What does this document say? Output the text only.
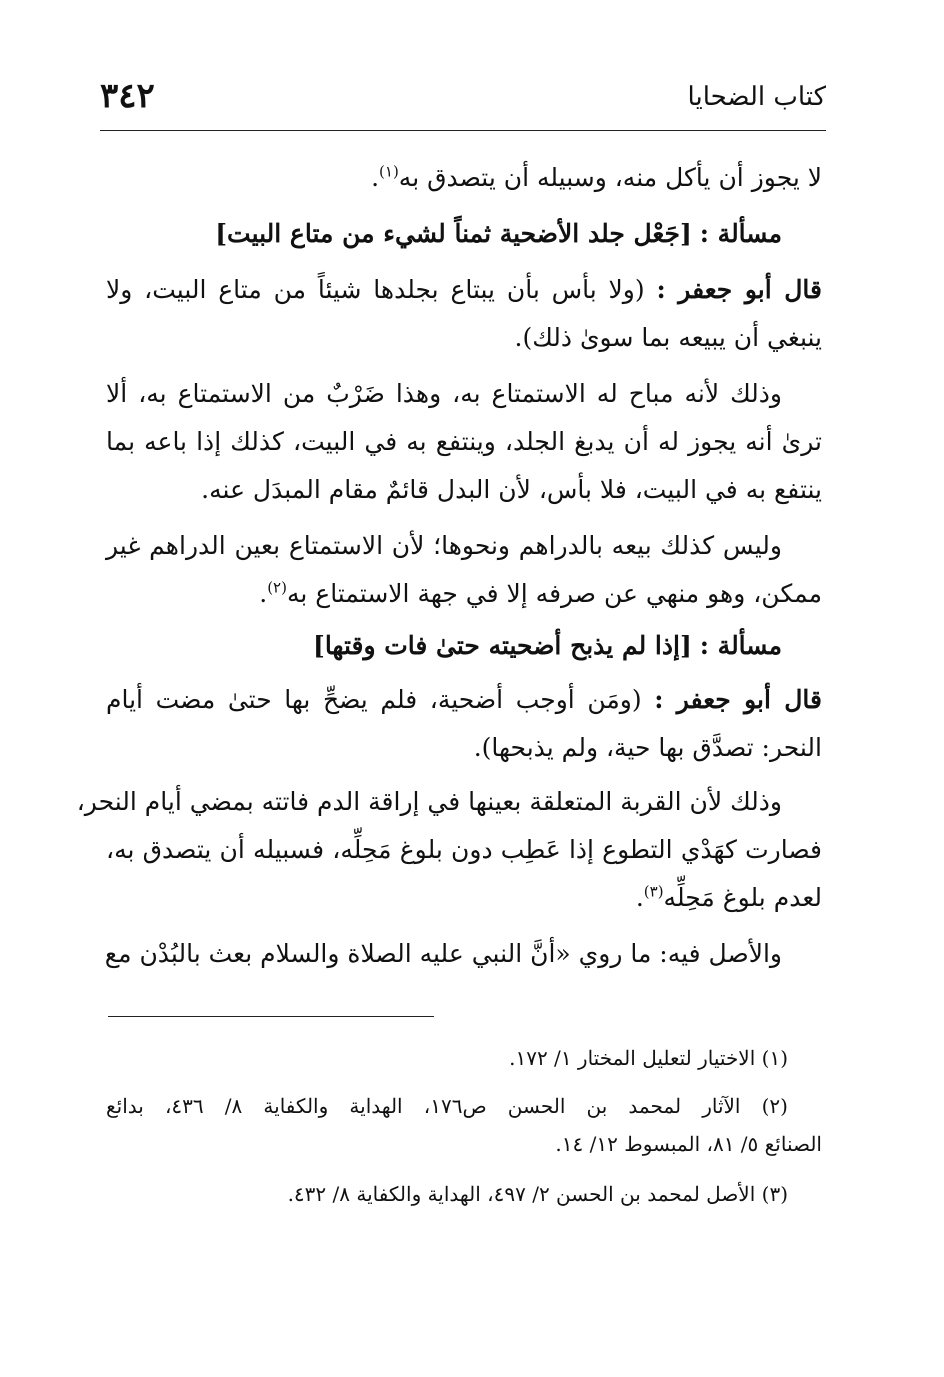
٣٤٢	كتاب الضحايا
لا يجوز أن يأكل منه، وسبيله أن يتصدق به$^{(١)}$.
مسألة : [جَعْل جلد الأضحية ثمناً لشيء من متاع البيت]
قال أبو جعفر : (ولا بأس بأن يبتاع بجلدها شيئاً من متاع البيت، ولا
ينبغي أن يبيعه بما سوىٰ ذلك).
وذلك لأنه مباح له الاستمتاع به، وهذا ضَرْبٌ من الاستمتاع به، ألا
ترىٰ أنه يجوز له أن يدبغ الجلد، وينتفع به في البيت، كذلك إذا باعه بما
ينتفع به في البيت، فلا بأس، لأن البدل قائمٌ مقام المبدَل عنه.
وليس كذلك بيعه بالدراهم ونحوها؛ لأن الاستمتاع بعين الدراهم غير
ممكن، وهو منهي عن صرفه إلا في جهة الاستمتاع به$^{(٢)}$.
مسألة : [إذا لم يذبح أضحيته حتىٰ فات وقتها]
قال أبو جعفر : (ومَن أوجب أضحية، فلم يضحِّ بها حتىٰ مضت أيام
النحر: تصدَّق بها حية، ولم يذبحها).
وذلك لأن القربة المتعلقة بعينها في إراقة الدم فاتته بمضي أيام النحر،
فصارت كهَدْي التطوع إذا عَطِب دون بلوغ مَحِلِّه، فسبيله أن يتصدق به،
لعدم بلوغ مَحِلِّه$^{(٣)}$.
والأصل فيه: ما روي «أنَّ النبي عليه الصلاة والسلام بعث بالبُدْن مع
(١) الاختيار لتعليل المختار ١/ ١٧٢.
(٢) الآثار لمحمد بن الحسن ص١٧٦، الهداية والكفاية ٨/ ٤٣٦، بدائع
الصنائع ٥/ ٨١، المبسوط ١٢/ ١٤.
(٣) الأصل لمحمد بن الحسن ٢/ ٤٩٧، الهداية والكفاية ٨/ ٤٣٢.
